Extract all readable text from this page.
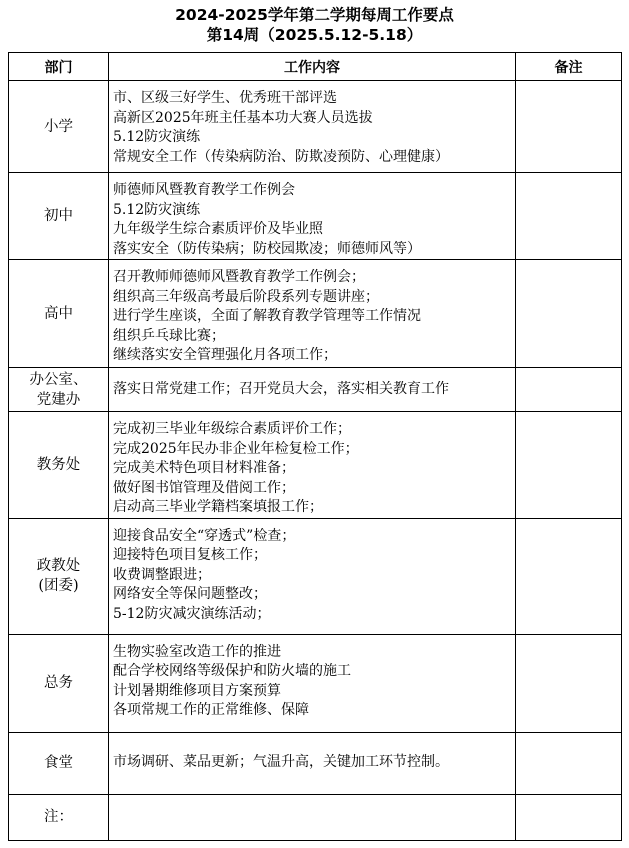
2024-2025学年第二学期每周工作要点
第14周（2025.5.12-5.18）
部门	工作内容	备注

小学	市、区级三好学生、优秀班干部评选
高新区2025年班主任基本功大赛人员选拔
5.12防灾演练
常规安全工作（传染病防治、防欺凌预防、心理健康）	

初中	师德师风暨教育教学工作例会
5.12防灾演练
九年级学生综合素质评价及毕业照
落实安全（防传染病；防校园欺凌；师德师风等）	

高中	召开教师师德师风暨教育教学工作例会；
组织高三年级高考最后阶段系列专题讲座；
进行学生座谈，全面了解教育教学管理等工作情况
组织乒乓球比赛；
继续落实安全管理强化月各项工作；	

办公室、
党建办	落实日常党建工作；召开党员大会，落实相关教育工作	

教务处	完成初三毕业年级综合素质评价工作；
完成2025年民办非企业年检复检工作；
完成美术特色项目材料准备；
做好图书馆管理及借阅工作；
启动高三毕业学籍档案填报工作；	

政教处
(团委)	迎接食品安全“穿透式”检查；
迎接特色项目复核工作；
收费调整跟进；
网络安全等保问题整改；
5-12防灾减灾演练活动；	

总务	生物实验室改造工作的推进
配合学校网络等级保护和防火墙的施工
计划暑期维修项目方案预算
各项常规工作的正常维修、保障	

食堂	市场调研、菜品更新；气温升高，关键加工环节控制。	

注：		
